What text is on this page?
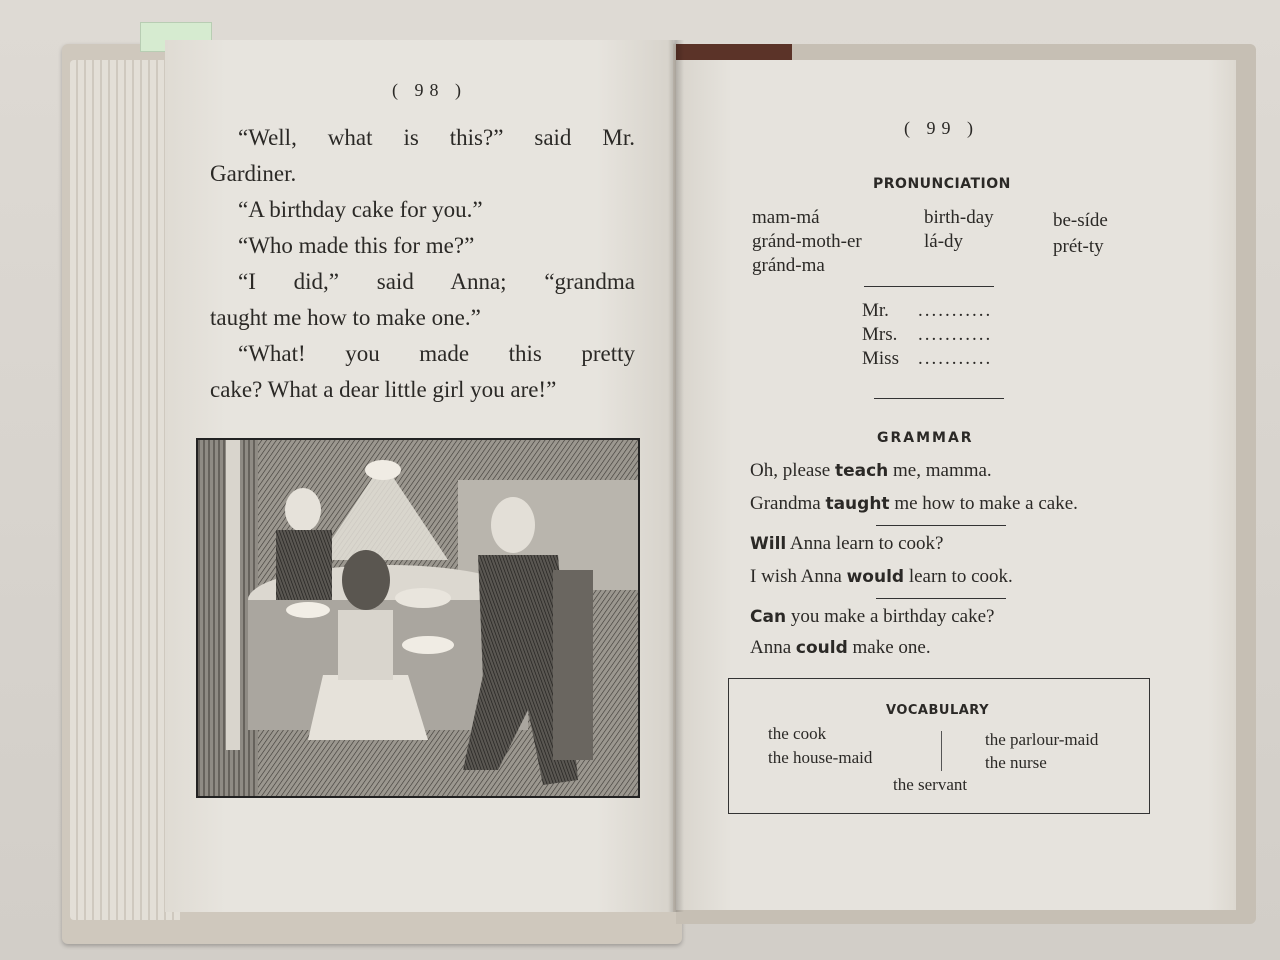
( 98 )

“Well, what is this?” said Mr.

Gardiner.

“A birthday cake for you.”

“Who made this for me?”

“I did,” said Anna; “grandma

taught me how to make one.”

“What! you made this pretty

cake? What a dear little girl you are!”

( 99 )
PRONUNCIATION
mam-má
gránd-moth-er
gránd-ma
birth-day
lá-dy
be-síde
prét-ty
Mr. ...........
Mrs. ...........
Miss ...........
GRAMMAR
Oh, please teach me, mamma.
Grandma taught me how to make a cake.
Will Anna learn to cook?
I wish Anna would learn to cook.
Can you make a birthday cake?
Anna could make one.
VOCABULARY
the cook
the house-maid
the parlour-maid
the nurse
the servant
